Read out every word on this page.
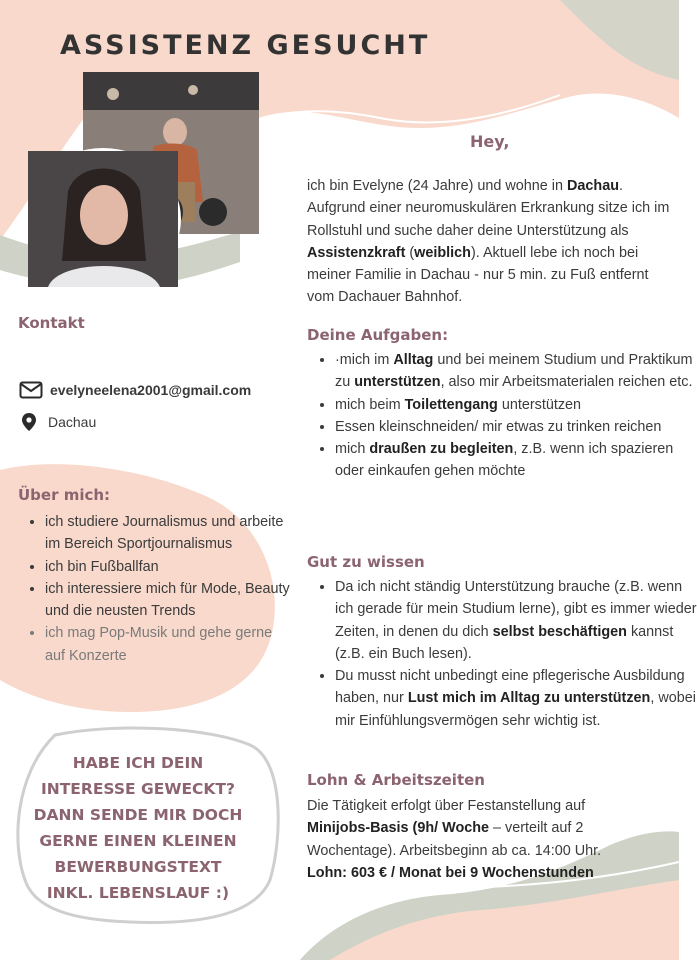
ASSISTENZ GESUCHT
Hey,

ich bin Evelyne (24 Jahre) und wohne in Dachau. Aufgrund einer neuromuskulären Erkrankung sitze ich im Rollstuhl und suche daher deine Unterstützung als Assistenzkraft (weiblich). Aktuell lebe ich noch bei meiner Familie in Dachau - nur 5 min. zu Fuß entfernt vom Dachauer Bahnhof.

Kontakt
evelyneelena2001@gmail.com
Dachau
Über mich:
• ich studiere Journalismus und arbeite im Bereich Sportjournalismus
• ich bin Fußballfan
• ich interessiere mich für Mode, Beauty und die neusten Trends
• ich mag Pop-Musik und gehe gerne auf Konzerte
Deine Aufgaben:
• ·mich im Alltag und bei meinem Studium und Praktikum zu unterstützen, also mir Arbeitsmaterialen reichen etc.
• mich beim Toilettengang unterstützen
• Essen kleinschneiden/ mir etwas zu trinken reichen
• mich draußen zu begleiten, z.B. wenn ich spazieren oder einkaufen gehen möchte
Gut zu wissen
• Da ich nicht ständig Unterstützung brauche (z.B. wenn ich gerade für mein Studium lerne), gibt es immer wieder Zeiten, in denen du dich selbst beschäftigen kannst (z.B. ein Buch lesen).
• Du musst nicht unbedingt eine pflegerische Ausbildung haben, nur Lust mich im Alltag zu unterstützen, wobei mir Einfühlungsvermögen sehr wichtig ist.
Lohn & Arbeitszeiten

Die Tätigkeit erfolgt über Festanstellung auf Minijobs-Basis (9h/ Woche – verteilt auf 2 Wochentage). Arbeitsbeginn ab ca. 14:00 Uhr.
Lohn: 603 € / Monat bei 9 Wochenstunden

HABE ICH DEIN
INTERESSE GEWECKT?
DANN SENDE MIR DOCH
GERNE EINEN KLEINEN
BEWERBUNGSTEXT
INKL. LEBENSLAUF :)
